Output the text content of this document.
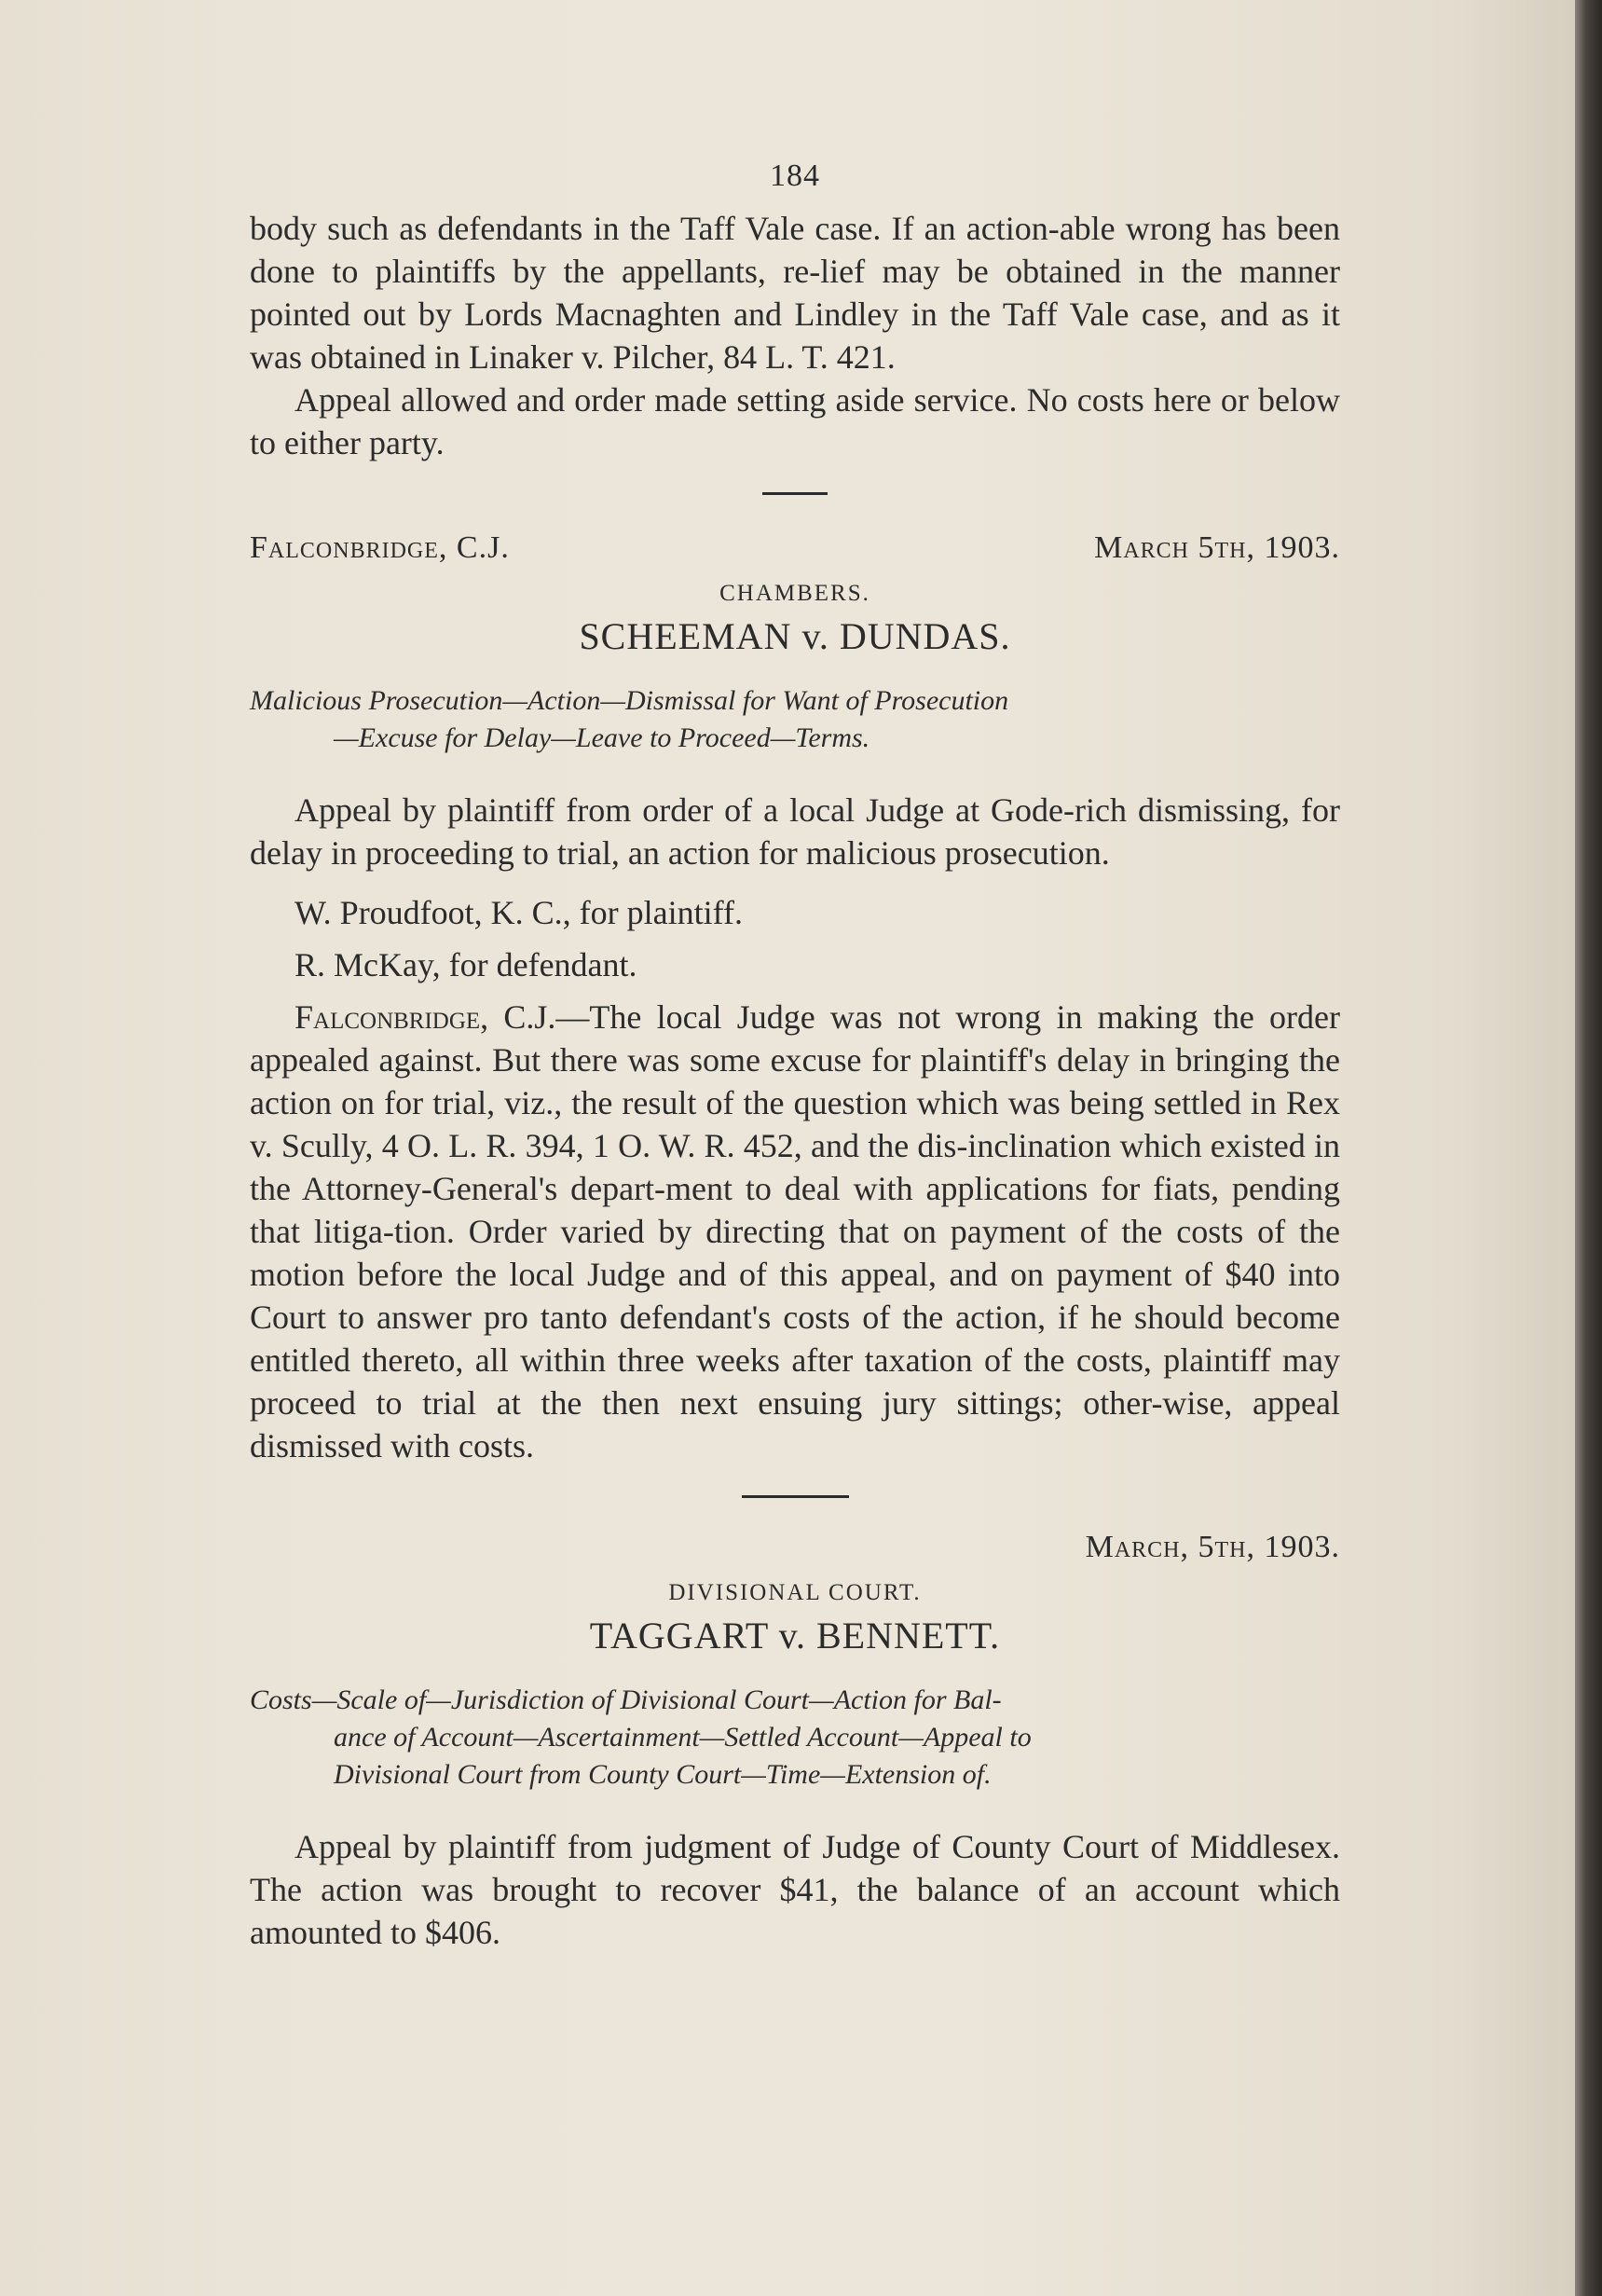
184

body such as defendants in the Taff Vale case. If an action-able wrong has been done to plaintiffs by the appellants, re-lief may be obtained in the manner pointed out by Lords Macnaghten and Lindley in the Taff Vale case, and as it was obtained in Linaker v. Pilcher, 84 L. T. 421.

Appeal allowed and order made setting aside service. No costs here or below to either party.

Falconbridge, C.J.	March 5th, 1903.
CHAMBERS.
SCHEEMAN v. DUNDAS.
Malicious Prosecution—Action—Dismissal for Want of Prosecution
—Excuse for Delay—Leave to Proceed—Terms.

Appeal by plaintiff from order of a local Judge at Gode-rich dismissing, for delay in proceeding to trial, an action for malicious prosecution.

W. Proudfoot, K. C., for plaintiff.
R. McKay, for defendant.

Falconbridge, C.J.—The local Judge was not wrong in making the order appealed against. But there was some excuse for plaintiff's delay in bringing the action on for trial, viz., the result of the question which was being settled in Rex v. Scully, 4 O. L. R. 394, 1 O. W. R. 452, and the dis-inclination which existed in the Attorney-General's depart-ment to deal with applications for fiats, pending that litiga-tion. Order varied by directing that on payment of the costs of the motion before the local Judge and of this appeal, and on payment of $40 into Court to answer pro tanto defendant's costs of the action, if he should become entitled thereto, all within three weeks after taxation of the costs, plaintiff may proceed to trial at the then next ensuing jury sittings; other-wise, appeal dismissed with costs.

March, 5th, 1903.
DIVISIONAL COURT.
TAGGART v. BENNETT.
Costs—Scale of—Jurisdiction of Divisional Court—Action for Bal-
ance of Account—Ascertainment—Settled Account—Appeal to
Divisional Court from County Court—Time—Extension of.

Appeal by plaintiff from judgment of Judge of County Court of Middlesex. The action was brought to recover $41, the balance of an account which amounted to $406.
